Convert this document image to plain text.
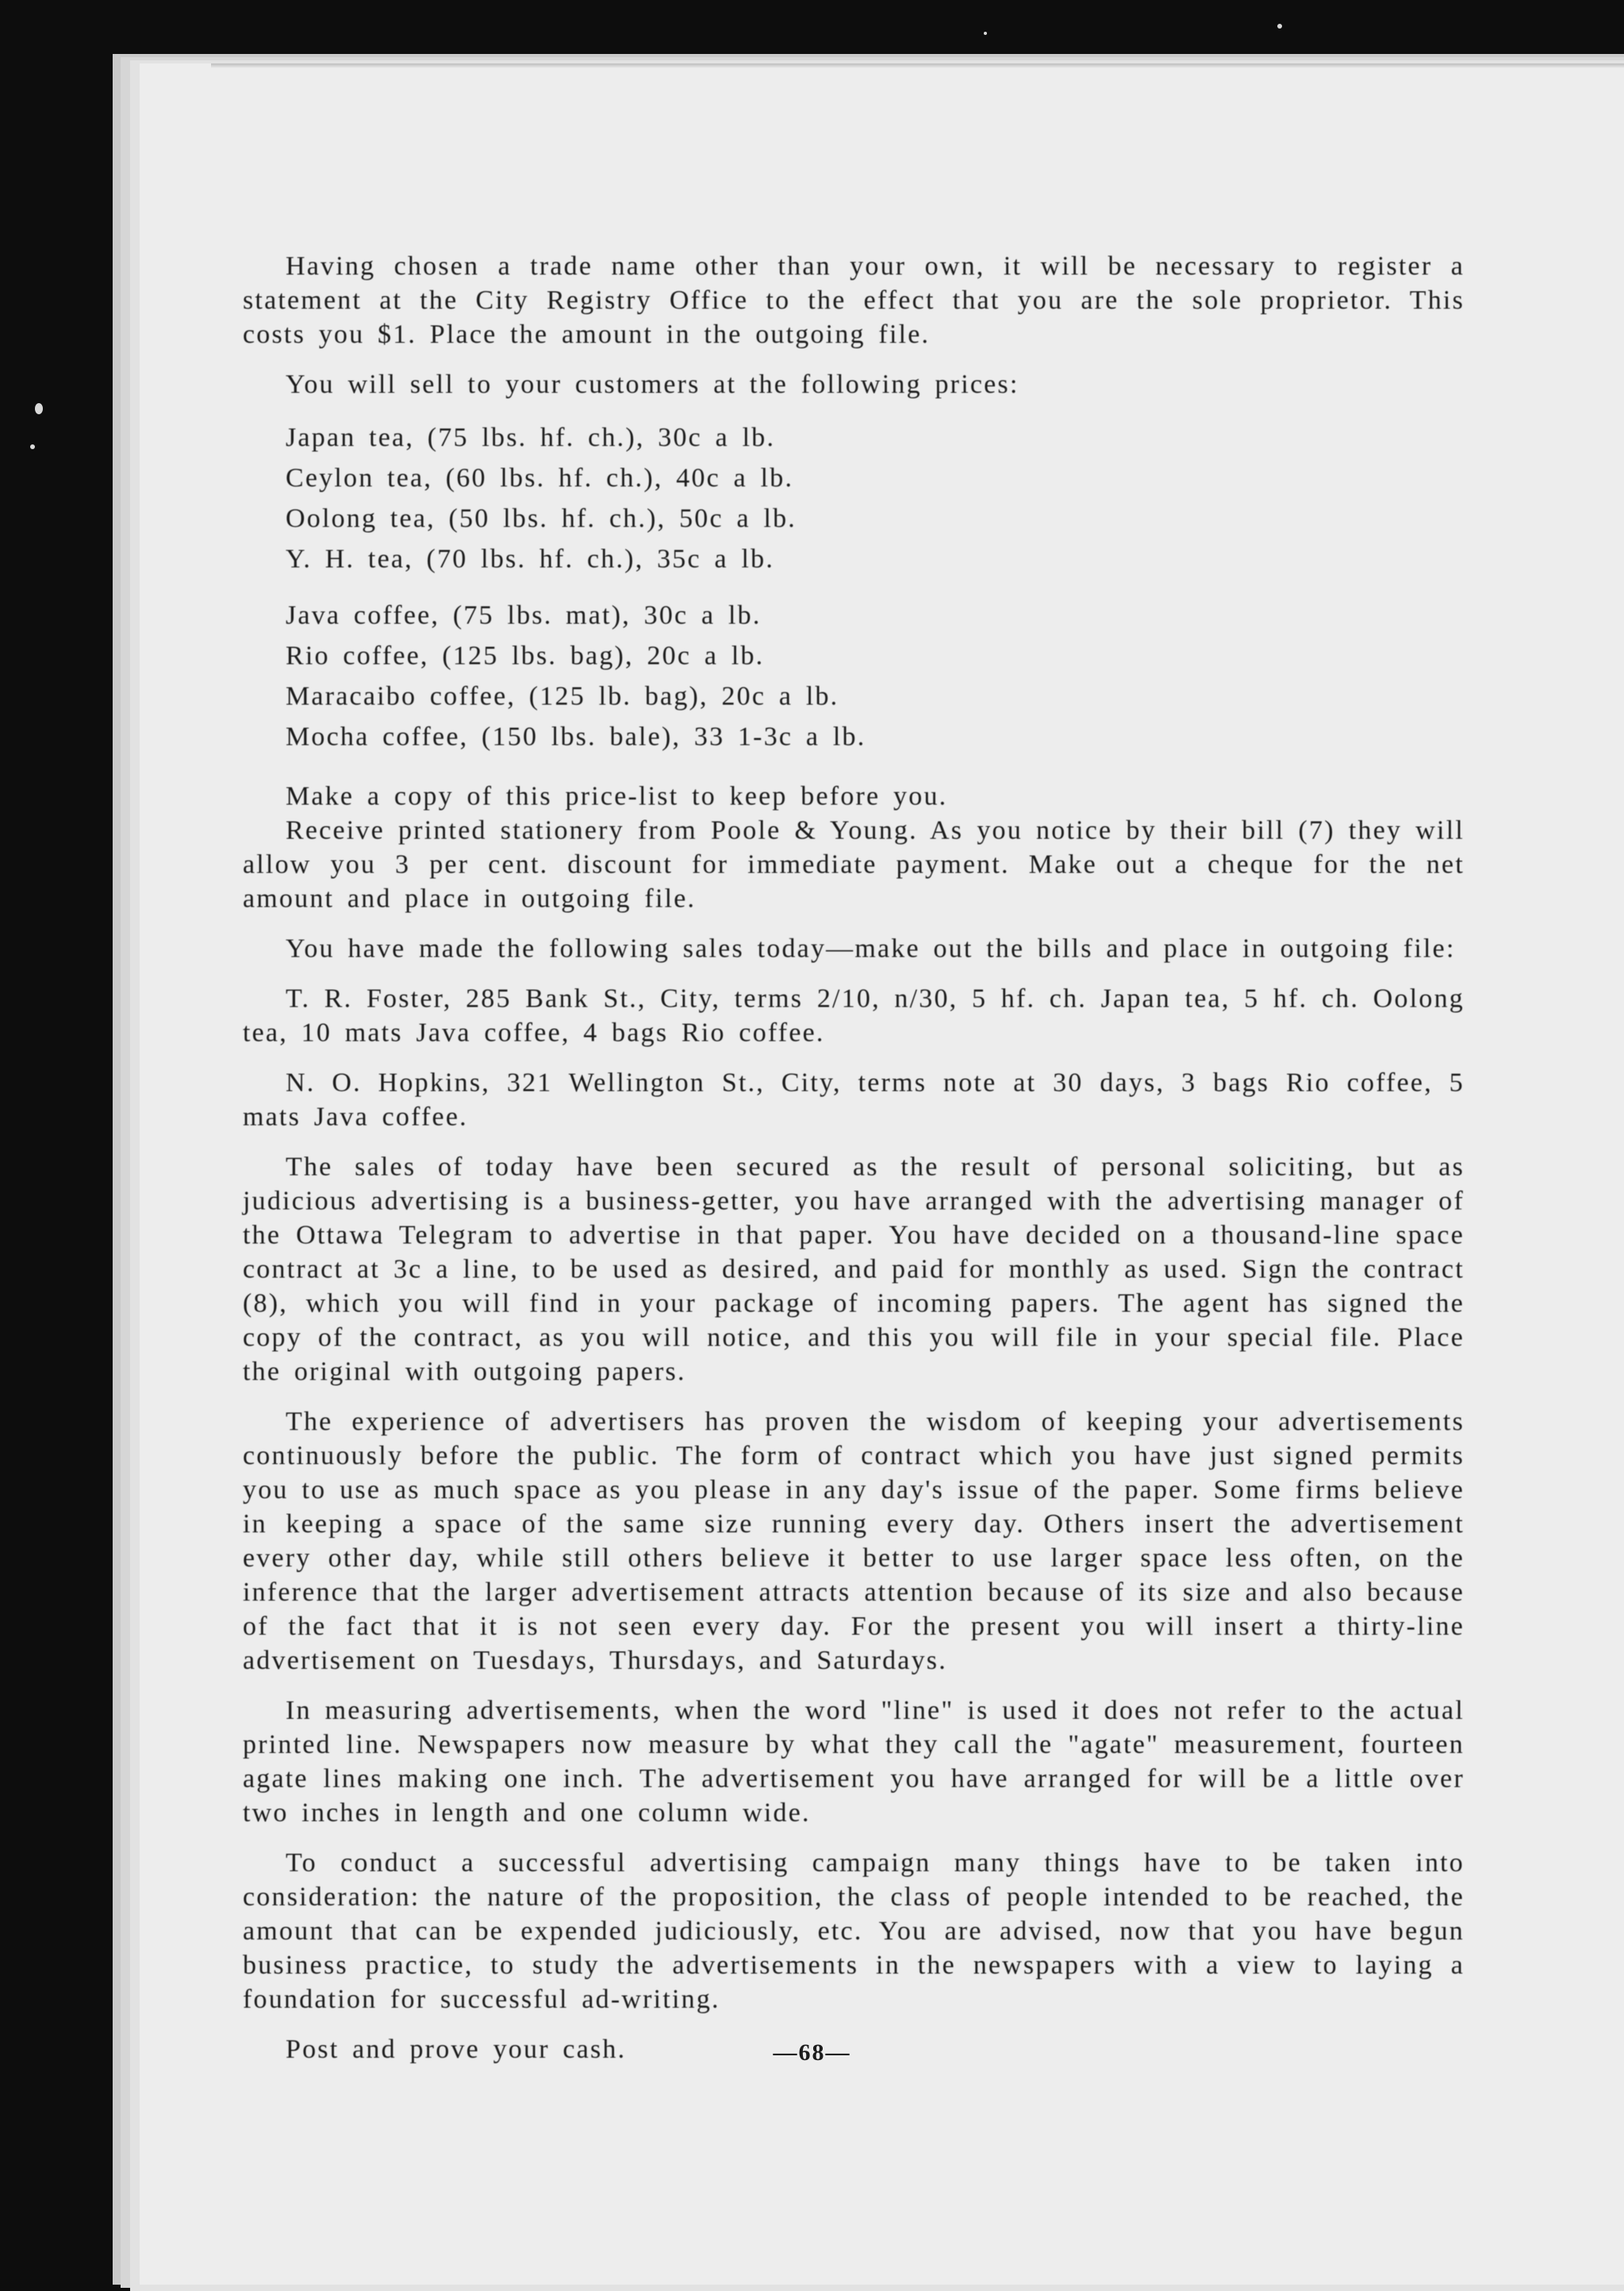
Having chosen a trade name other than your own, it will be necessary to register a statement at the City Registry Office to the effect that you are the sole proprietor. This costs you $1. Place the amount in the outgoing file.

You will sell to your customers at the following prices:

Japan tea, (75 lbs. hf. ch.), 30c a lb.
Ceylon tea, (60 lbs. hf. ch.), 40c a lb.
Oolong tea, (50 lbs. hf. ch.), 50c a lb.
Y. H. tea, (70 lbs. hf. ch.), 35c a lb.
Java coffee, (75 lbs. mat), 30c a lb.
Rio coffee, (125 lbs. bag), 20c a lb.
Maracaibo coffee, (125 lb. bag), 20c a lb.
Mocha coffee, (150 lbs. bale), 33 1-3c a lb.

Make a copy of this price-list to keep before you.

Receive printed stationery from Poole & Young. As you notice by their bill (7) they will allow you 3 per cent. discount for immediate payment. Make out a cheque for the net amount and place in outgoing file.

You have made the following sales today—make out the bills and place in outgoing file:

T. R. Foster, 285 Bank St., City, terms 2/10, n/30, 5 hf. ch. Japan tea, 5 hf. ch. Oolong tea, 10 mats Java coffee, 4 bags Rio coffee.

N. O. Hopkins, 321 Wellington St., City, terms note at 30 days, 3 bags Rio coffee, 5 mats Java coffee.

The sales of today have been secured as the result of personal soliciting, but as judicious advertising is a business-getter, you have arranged with the advertising manager of the Ottawa Telegram to advertise in that paper. You have decided on a thousand-line space contract at 3c a line, to be used as desired, and paid for monthly as used. Sign the contract (8), which you will find in your package of incoming papers. The agent has signed the copy of the contract, as you will notice, and this you will file in your special file. Place the original with outgoing papers.

The experience of advertisers has proven the wisdom of keeping your advertisements continuously before the public. The form of contract which you have just signed permits you to use as much space as you please in any day's issue of the paper. Some firms believe in keeping a space of the same size running every day. Others insert the advertisement every other day, while still others believe it better to use larger space less often, on the inference that the larger advertisement attracts attention because of its size and also because of the fact that it is not seen every day. For the present you will insert a thirty-line advertisement on Tuesdays, Thursdays, and Saturdays.

In measuring advertisements, when the word "line" is used it does not refer to the actual printed line. Newspapers now measure by what they call the "agate" measurement, fourteen agate lines making one inch. The advertisement you have arranged for will be a little over two inches in length and one column wide.

To conduct a successful advertising campaign many things have to be taken into consideration: the nature of the proposition, the class of people intended to be reached, the amount that can be expended judiciously, etc. You are advised, now that you have begun business practice, to study the advertisements in the newspapers with a view to laying a foundation for successful ad-writing.

Post and prove your cash.	—68—
